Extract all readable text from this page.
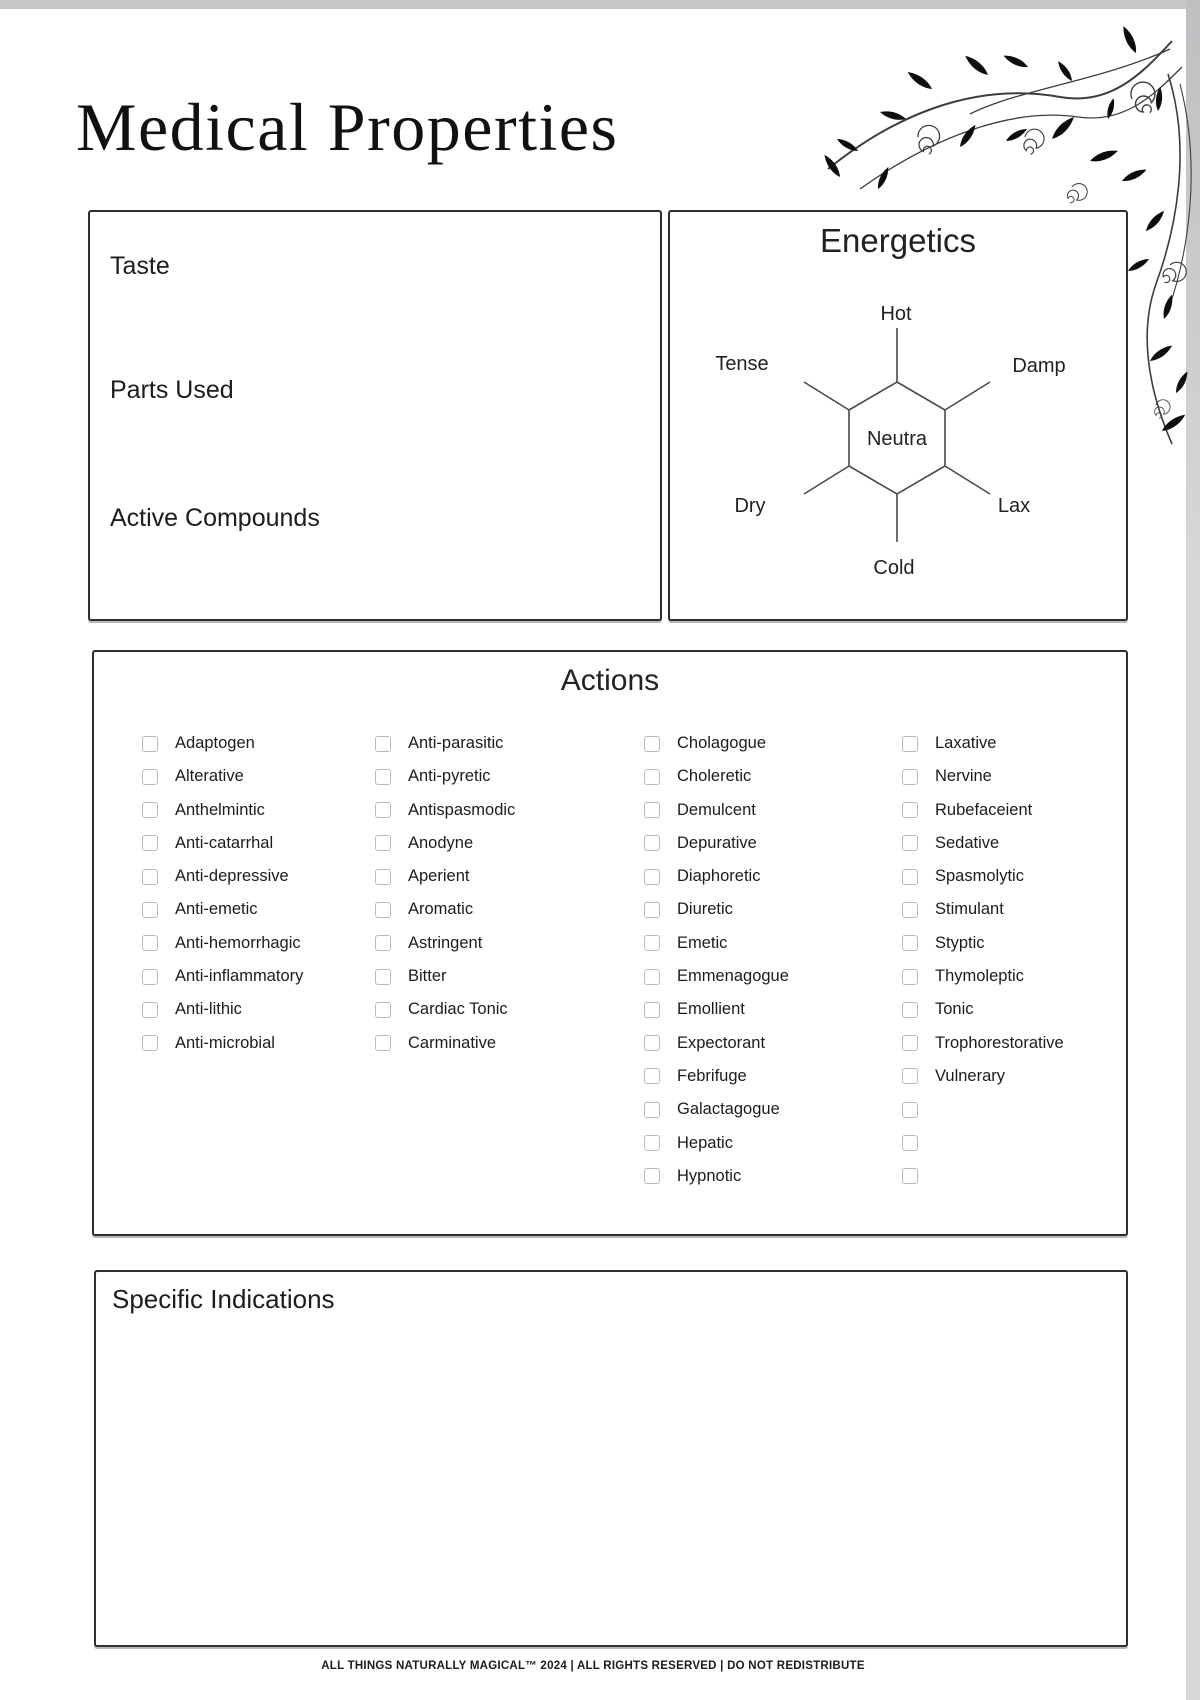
Medical Properties
Taste
Parts Used
Active Compounds
Energetics
Hot
Damp
Lax
Cold
Dry
Tense
Neutra
Actions
Adaptogen
Alterative
Anthelmintic
Anti-catarrhal
Anti-depressive
Anti-emetic
Anti-hemorrhagic
Anti-inflammatory
Anti-lithic
Anti-microbial
Anti-parasitic
Anti-pyretic
Antispasmodic
Anodyne
Aperient
Aromatic
Astringent
Bitter
Cardiac Tonic
Carminative
Cholagogue
Choleretic
Demulcent
Depurative
Diaphoretic
Diuretic
Emetic
Emmenagogue
Emollient
Expectorant
Febrifuge
Galactagogue
Hepatic
Hypnotic
Laxative
Nervine
Rubefaceient
Sedative
Spasmolytic
Stimulant
Styptic
Thymoleptic
Tonic
Trophorestorative
Vulnerary
Specific Indications
ALL THINGS NATURALLY MAGICAL™ 2024 | ALL RIGHTS RESERVED | DO NOT REDISTRIBUTE
